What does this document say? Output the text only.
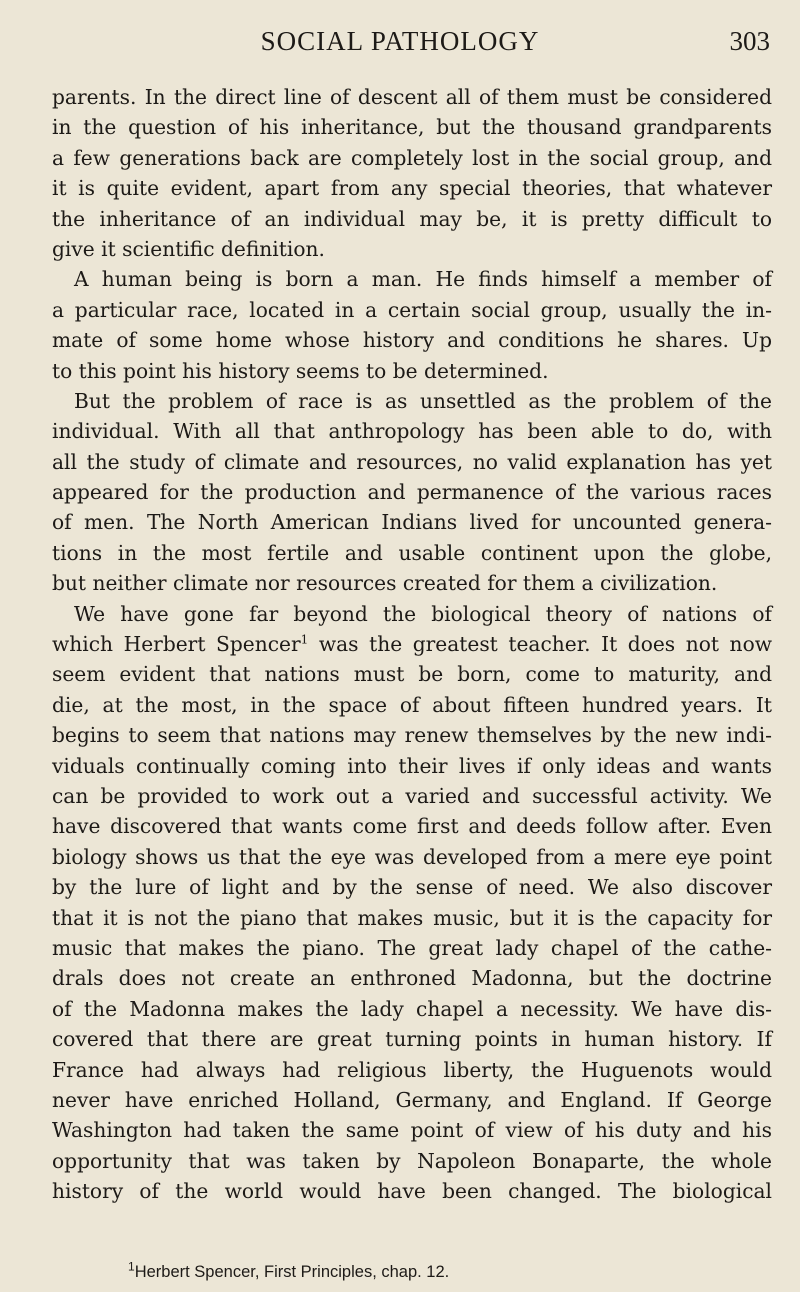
SOCIAL PATHOLOGY	303
parents. In the direct line of descent all of them must be considered
in the question of his inheritance, but the thousand grandparents
a few generations back are completely lost in the social group, and
it is quite evident, apart from any special theories, that whatever
the inheritance of an individual may be, it is pretty difficult to
give it scientific definition.
A human being is born a man. He finds himself a member of
a particular race, located in a certain social group, usually the in-
mate of some home whose history and conditions he shares. Up
to this point his history seems to be determined.
But the problem of race is as unsettled as the problem of the
individual. With all that anthropology has been able to do, with
all the study of climate and resources, no valid explanation has yet
appeared for the production and permanence of the various races
of men. The North American Indians lived for uncounted genera-
tions in the most fertile and usable continent upon the globe,
but neither climate nor resources created for them a civilization.
We have gone far beyond the biological theory of nations of
which Herbert Spencer$^1$ was the greatest teacher. It does not now
seem evident that nations must be born, come to maturity, and
die, at the most, in the space of about fifteen hundred years. It
begins to seem that nations may renew themselves by the new indi-
viduals continually coming into their lives if only ideas and wants
can be provided to work out a varied and successful activity. We
have discovered that wants come first and deeds follow after. Even
biology shows us that the eye was developed from a mere eye point
by the lure of light and by the sense of need. We also discover
that it is not the piano that makes music, but it is the capacity for
music that makes the piano. The great lady chapel of the cathe-
drals does not create an enthroned Madonna, but the doctrine
of the Madonna makes the lady chapel a necessity. We have dis-
covered that there are great turning points in human history. If
France had always had religious liberty, the Huguenots would
never have enriched Holland, Germany, and England. If George
Washington had taken the same point of view of his duty and his
opportunity that was taken by Napoleon Bonaparte, the whole
history of the world would have been changed. The biological
$^1$Herbert Spencer, First Principles, chap. 12.
